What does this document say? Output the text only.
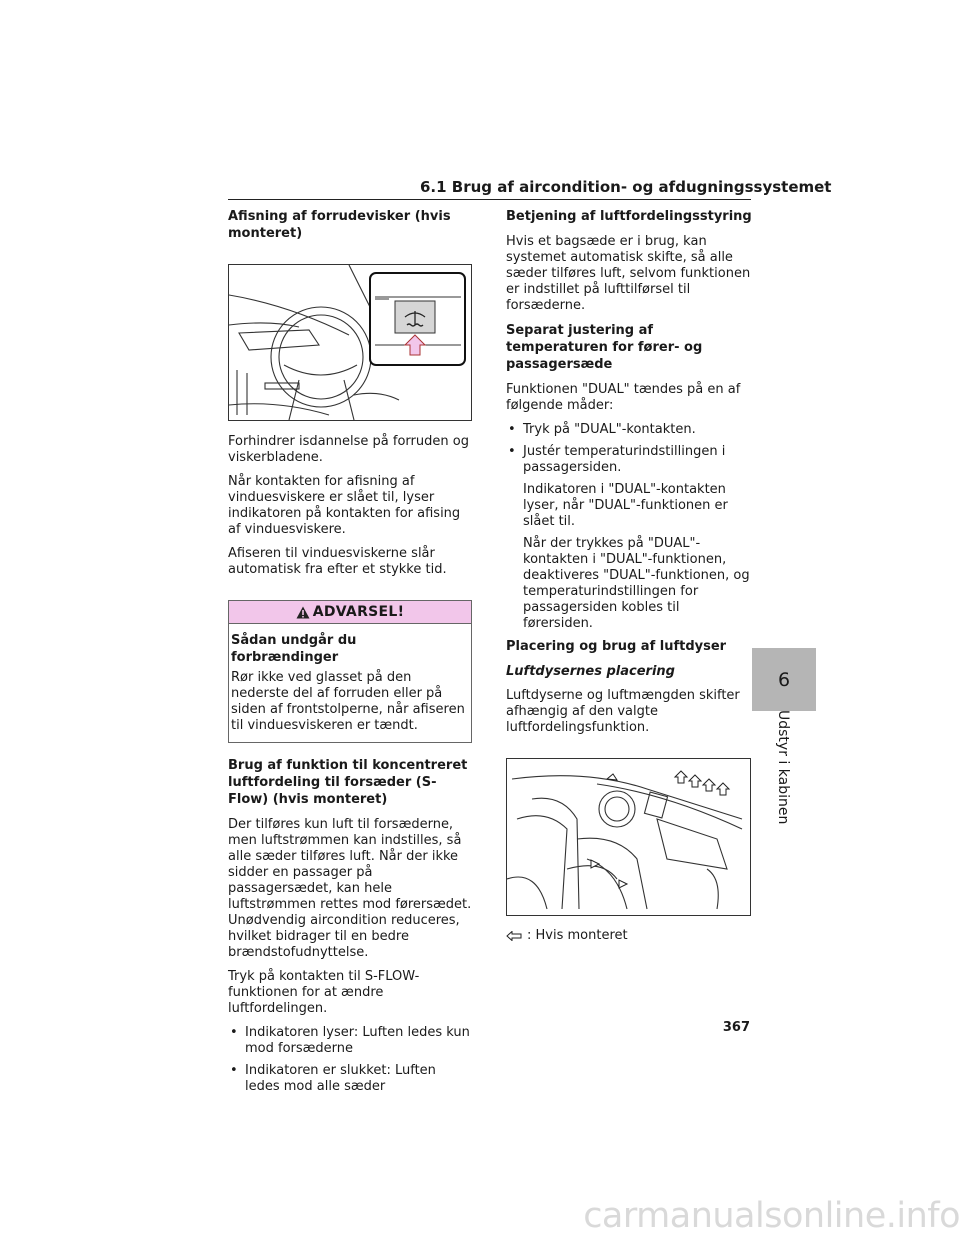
6.1 Brug af aircondition- og afdugningssystemet
Afisning af forrudevisker (hvis monteret)
Forhindrer isdannelse på forruden og viskerbladene.
Når kontakten for afisning af vinduesviskere er slået til, lyser indikatoren på kontakten for afising af vinduesviskere.
Afiseren til vinduesviskerne slår automatisk fra efter et stykke tid.
ADVARSEL!
Sådan undgår du forbrændinger
Rør ikke ved glasset på den nederste del af forruden eller på siden af frontstolperne, når afiseren til vinduesviskeren er tændt.
Brug af funktion til koncentreret luftfordeling til forsæder (S-Flow) (hvis monteret)
Der tilføres kun luft til forsæderne, men luftstrømmen kan indstilles, så alle sæder tilføres luft. Når der ikke sidder en passager på passagersædet, kan hele luftstrømmen rettes mod førersædet. Unødvendig aircondition reduceres, hvilket bidrager til en bedre brændstofudnyttelse.
Tryk på kontakten til S-FLOW-funktionen for at ændre luftfordelingen.
• Indikatoren lyser: Luften ledes kun mod forsæderne
• Indikatoren er slukket: Luften ledes mod alle sæder
Betjening af luftfordelingsstyring
Hvis et bagsæde er i brug, kan systemet automatisk skifte, så alle sæder tilføres luft, selvom funktionen er indstillet på lufttilførsel til forsæderne.
Separat justering af temperaturen for fører- og passagersæde
Funktionen "DUAL" tændes på en af følgende måder:
• Tryk på "DUAL"-kontakten.
• Justér temperaturindstillingen i passagersiden.
Indikatoren i "DUAL"-kontakten lyser, når "DUAL"-funktionen er slået til.
Når der trykkes på "DUAL"-kontakten i "DUAL"-funktionen, deaktiveres "DUAL"-funktionen, og temperaturindstillingen for passagersiden kobles til førersiden.
Placering og brug af luftdyser
Luftdysernes placering
Luftdyserne og luftmængden skifter afhængig af den valgte luftfordelingsfunktion.
: Hvis monteret
6
Udstyr i kabinen
367
carmanualsonline.info
